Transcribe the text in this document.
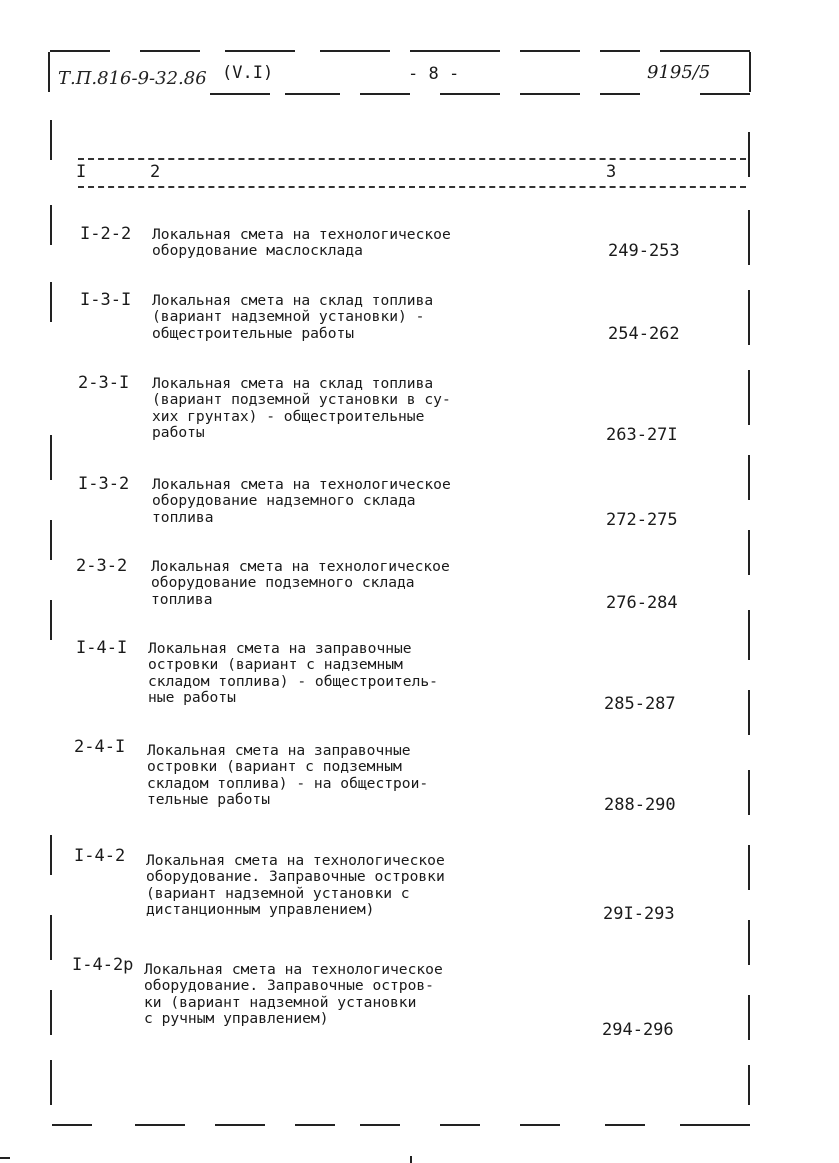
Т.П.816-9-32.86 (V.I)	- 8 -	9195/5
I	2	3
I-2-2 Локальная смета на технологическое
оборудование маслосклада	249-253
I-3-I Локальная смета на склад топлива
(вариант надземной установки) -
общестроительные работы	254-262
2-3-I Локальная смета на склад топлива
(вариант подземной установки в су-
хих грунтах) - общестроительные
работы	263-27I
I-3-2 Локальная смета на технологическое
оборудование надземного склада
топлива	272-275
2-3-2 Локальная смета на технологическое
оборудование подземного склада
топлива	276-284
I-4-I Локальная смета на заправочные
островки (вариант с надземным
складом топлива) - общестроитель-
ные работы	285-287
2-4-I Локальная смета на заправочные
островки (вариант с подземным
складом топлива) - на общестрои-
тельные работы	288-290
I-4-2 Локальная смета на технологическое
оборудование. Заправочные островки
(вариант надземной установки с
дистанционным управлением)	29I-293
I-4-2р Локальная смета на технологическое
оборудование. Заправочные остров-
ки (вариант надземной установки
с ручным управлением)
294-296
